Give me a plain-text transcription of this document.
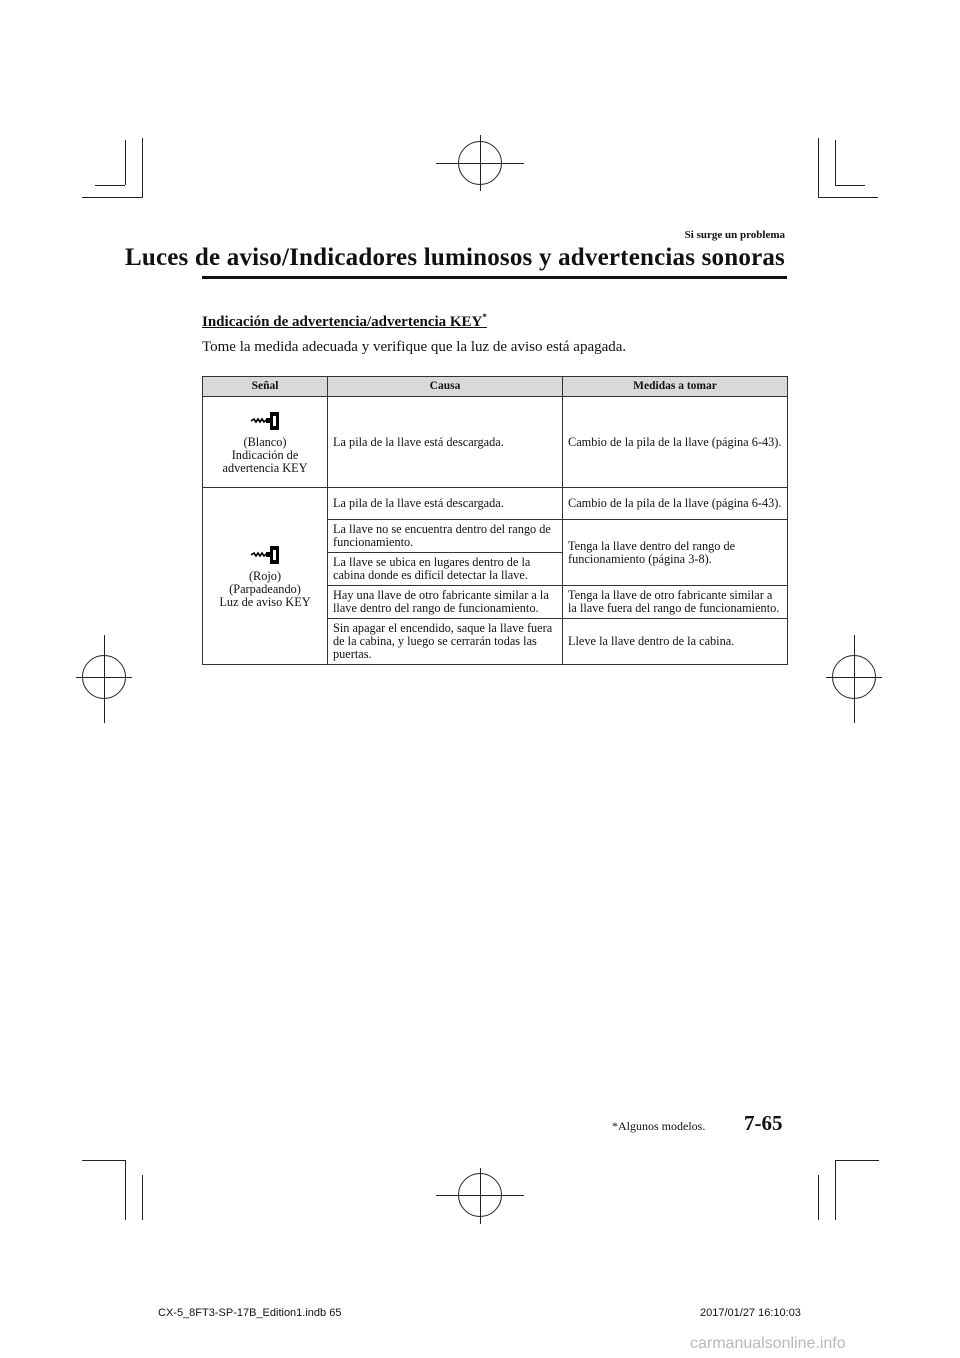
Si surge un problema
Luces de aviso/Indicadores luminosos y advertencias sonoras
Indicación de advertencia/advertencia KEY*
Tome la medida adecuada y verifique que la luz de aviso está apagada.
Señal	Causa	Medidas a tomar

(Blanco)
Indicación de
advertencia KEY	La pila de la llave está descargada.	Cambio de la pila de la llave (página 6-43).

(Rojo)
(Parpadeando)
Luz de aviso KEY	La pila de la llave está descargada.	Cambio de la pila de la llave (página 6-43).
	La llave no se encuentra dentro del rango de funcionamiento.	Tenga la llave dentro del rango de funcionamiento (página 3-8).
	La llave se ubica en lugares dentro de la cabina donde es difícil detectar la llave.	
	Hay una llave de otro fabricante similar a la llave dentro del rango de funcionamiento.	Tenga la llave de otro fabricante similar a la llave fuera del rango de funcionamiento.
	Sin apagar el encendido, saque la llave fuera de la cabina, y luego se cerrarán todas las puertas.	Lleve la llave dentro de la cabina.
*Algunos modelos. 7-65
CX-5_8FT3-SP-17B_Edition1.indb 65	2017/01/27 16:10:03
carmanualsonline.info
